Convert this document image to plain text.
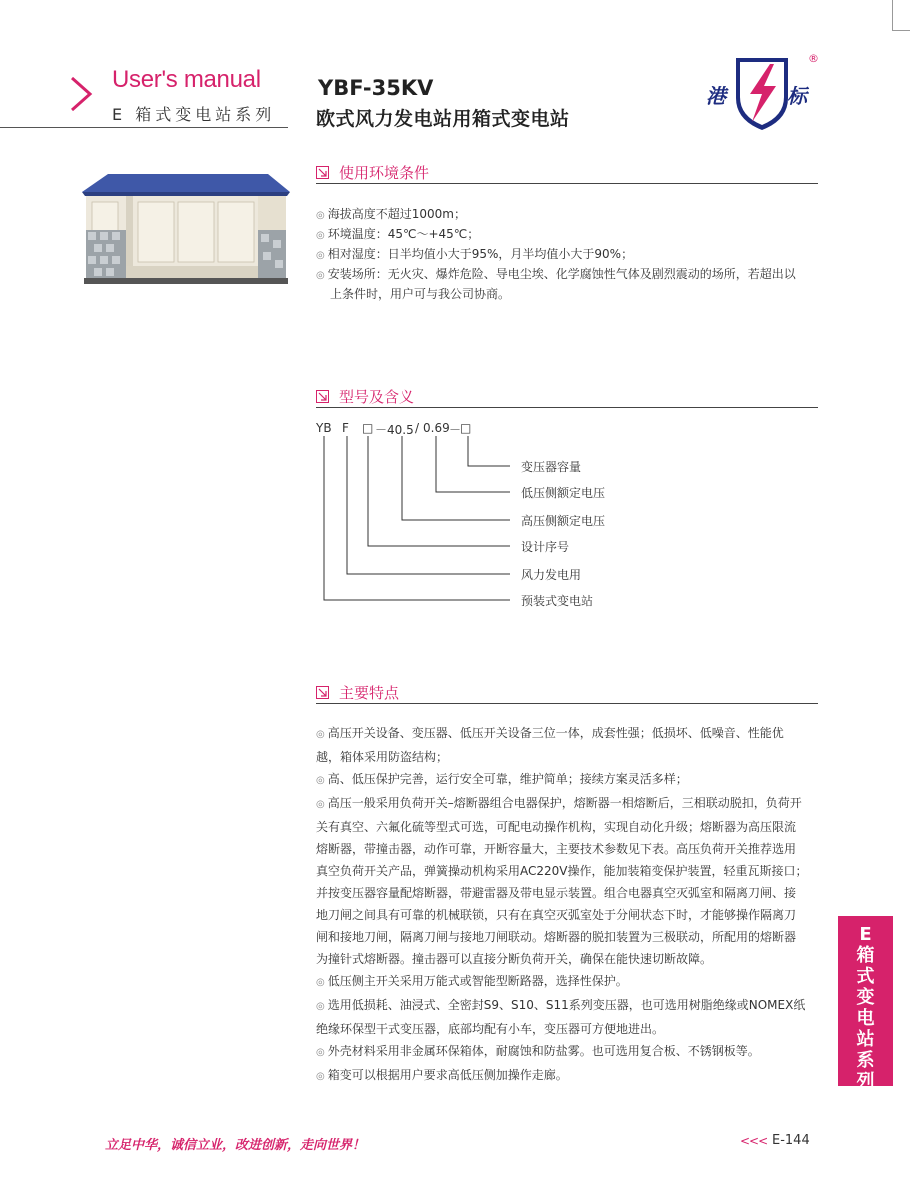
User's manual
E 箱式变电站系列
YBF-35KV
欧式风力发电站用箱式变电站
港	标
®
使用环境条件

◎ 海拔高度不超过1000m；

◎ 环境温度：45℃～+45℃；

◎ 相对湿度：日半均值小大于95%，月半均值小大于90%；

◎ 安装场所：无火灾、爆炸危险、导电尘埃、化学腐蚀性气体及剧烈震动的场所，若超出以

上条件时，用户可与我公司协商。

型号及含义
YB F □ －40.5 / 0.69 －
□
变压器容量
低压侧额定电压
高压侧额定电压
设计序号
风力发电用
预装式变电站
主要特点

◎ 高压开关设备、变压器、低压开关设备三位一体，成套性强；低损坏、低噪音、性能优

越，箱体采用防盗结构；

◎ 高、低压保护完善，运行安全可靠，维护简单；接续方案灵活多样；

◎ 高压一般采用负荷开关–熔断器组合电器保护，熔断器一相熔断后，三相联动脱扣，负荷开

关有真空、六氟化硫等型式可选，可配电动操作机构，实现自动化升级；熔断器为高压限流

熔断器，带撞击器，动作可靠，开断容量大，主要技术参数见下表。高压负荷开关推荐选用

真空负荷开关产品，弹簧操动机构采用AC220V操作，能加装箱变保护装置，轻重瓦斯接口；

并按变压器容量配熔断器，带避雷器及带电显示装置。组合电器真空灭弧室和隔离刀闸、接

地刀闸之间具有可靠的机械联锁，只有在真空灭弧室处于分闸状态下时，才能够操作隔离刀

闸和接地刀闸，隔离刀闸与接地刀闸联动。熔断器的脱扣装置为三极联动，所配用的熔断器

为撞针式熔断器。撞击器可以直接分断负荷开关，确保在能快速切断故障。

◎ 低压侧主开关采用万能式或智能型断路器，选择性保护。

◎ 选用低损耗、油浸式、全密封S9、S10、S11系列变压器，也可选用树脂绝缘或NOMEX纸

绝缘环保型干式变压器，底部均配有小车，变压器可方便地进出。

◎ 外壳材料采用非金属环保箱体，耐腐蚀和防盐雾。也可选用复合板、不锈钢板等。

◎ 箱变可以根据用户要求高低压侧加操作走廊。

E
箱
式
变
电
站
系
列
立足中华，诚信立业，改进创新，走向世界！	<<< E-144
